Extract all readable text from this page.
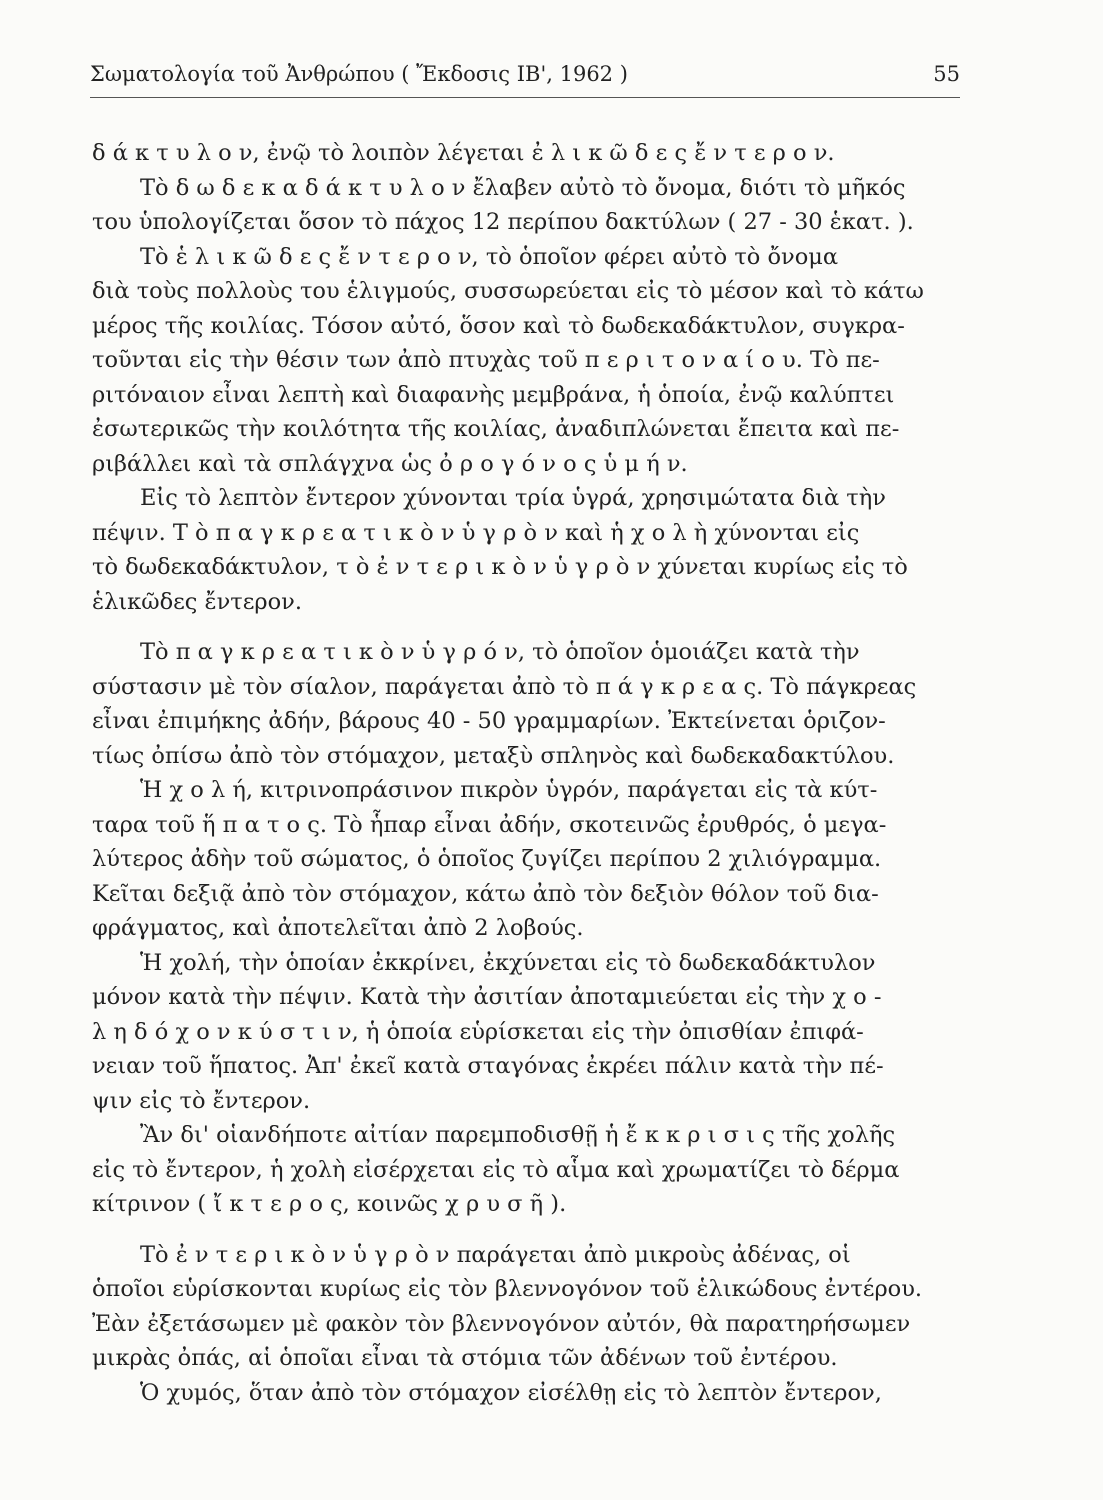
Σωματολογία τοῦ Ἀνθρώπου ( Ἔκδοσις ΙΒ', 1962 )	55
δ ά κ τ υ λ ο ν, ἐνῷ τὸ λοιπὸν λέγεται ἐ λ ι κ ῶ δ ε ς ἔ ν τ ε ρ ο ν.
Τὸ δ ω δ ε κ α δ ά κ τ υ λ ο ν ἔλαβεν αὐτὸ τὸ ὄνομα, διότι τὸ μῆκός
του ὑπολογίζεται ὅσον τὸ πάχος 12 περίπου δακτύλων ( 27 - 30 ἑκατ. ).
Τὸ ἑ λ ι κ ῶ δ ε ς ἔ ν τ ε ρ ο ν, τὸ ὁποῖον φέρει αὐτὸ τὸ ὄνομα
διὰ τοὺς πολλοὺς του ἑλιγμούς, συσσωρεύεται εἰς τὸ μέσον καὶ τὸ κάτω
μέρος τῆς κοιλίας. Τόσον αὐτό, ὅσον καὶ τὸ δωδεκαδάκτυλον, συγκρα-
τοῦνται εἰς τὴν θέσιν των ἀπὸ πτυχὰς τοῦ π ε ρ ι τ ο ν α ί ο υ. Τὸ πε-
ριτόναιον εἶναι λεπτὴ καὶ διαφανὴς μεμβράνα, ἡ ὁποία, ἐνῷ καλύπτει
ἐσωτερικῶς τὴν κοιλότητα τῆς κοιλίας, ἀναδιπλώνεται ἔπειτα καὶ πε-
ριβάλλει καὶ τὰ σπλάγχνα ὡς ὀ ρ ο γ ό ν ο ς ὑ μ ή ν.
Εἰς τὸ λεπτὸν ἔντερον χύνονται τρία ὑγρά, χρησιμώτατα διὰ τὴν
πέψιν. Τ ὸ π α γ κ ρ ε α τ ι κ ὸ ν ὑ γ ρ ὸ ν καὶ ἡ χ ο λ ὴ χύνονται εἰς
τὸ δωδεκαδάκτυλον, τ ὸ ἐ ν τ ε ρ ι κ ὸ ν ὑ γ ρ ὸ ν χύνεται κυρίως εἰς τὸ
ἑλικῶδες ἔντερον.
Τὸ π α γ κ ρ ε α τ ι κ ὸ ν ὑ γ ρ ό ν, τὸ ὁποῖον ὁμοιάζει κατὰ τὴν
σύστασιν μὲ τὸν σίαλον, παράγεται ἀπὸ τὸ π ά γ κ ρ ε α ς. Τὸ πάγκρεας
εἶναι ἐπιμήκης ἀδήν, βάρους 40 - 50 γραμμαρίων. Ἐκτείνεται ὁριζον-
τίως ὀπίσω ἀπὸ τὸν στόμαχον, μεταξὺ σπληνὸς καὶ δωδεκαδακτύλου.
Ἡ χ ο λ ή, κιτρινοπράσινον πικρὸν ὑγρόν, παράγεται εἰς τὰ κύτ-
ταρα τοῦ ἥ π α τ ο ς. Τὸ ἧπαρ εἶναι ἀδήν, σκοτεινῶς ἐρυθρός, ὁ μεγα-
λύτερος ἀδὴν τοῦ σώματος, ὁ ὁποῖος ζυγίζει περίπου 2 χιλιόγραμμα.
Κεῖται δεξιᾷ ἀπὸ τὸν στόμαχον, κάτω ἀπὸ τὸν δεξιὸν θόλον τοῦ δια-
φράγματος, καὶ ἀποτελεῖται ἀπὸ 2 λοβούς.
Ἡ χολή, τὴν ὁποίαν ἐκκρίνει, ἐκχύνεται εἰς τὸ δωδεκαδάκτυλον
μόνον κατὰ τὴν πέψιν. Κατὰ τὴν ἀσιτίαν ἀποταμιεύεται εἰς τὴν χ ο -
λ η δ ό χ ο ν κ ύ σ τ ι ν, ἡ ὁποία εὑρίσκεται εἰς τὴν ὀπισθίαν ἐπιφά-
νειαν τοῦ ἥπατος. Ἀπ' ἐκεῖ κατὰ σταγόνας ἐκρέει πάλιν κατὰ τὴν πέ-
ψιν εἰς τὸ ἔντερον.
Ἂν δι' οἱανδήποτε αἰτίαν παρεμποδισθῇ ἡ ἔ κ κ ρ ι σ ι ς τῆς χολῆς
εἰς τὸ ἔντερον, ἡ χολὴ εἰσέρχεται εἰς τὸ αἷμα καὶ χρωματίζει τὸ δέρμα
κίτρινον ( ἴ κ τ ε ρ ο ς, κοινῶς χ ρ υ σ ῆ ).
Τὸ ἐ ν τ ε ρ ι κ ὸ ν ὑ γ ρ ὸ ν παράγεται ἀπὸ μικροὺς ἀδένας, οἱ
ὁποῖοι εὑρίσκονται κυρίως εἰς τὸν βλεννογόνον τοῦ ἑλικώδους ἐντέρου.
Ἐὰν ἐξετάσωμεν μὲ φακὸν τὸν βλεννογόνον αὐτόν, θὰ παρατηρήσωμεν
μικρὰς ὀπάς, αἱ ὁποῖαι εἶναι τὰ στόμια τῶν ἀδένων τοῦ ἐντέρου.
Ὁ χυμός, ὅταν ἀπὸ τὸν στόμαχον εἰσέλθῃ εἰς τὸ λεπτὸν ἔντερον,
